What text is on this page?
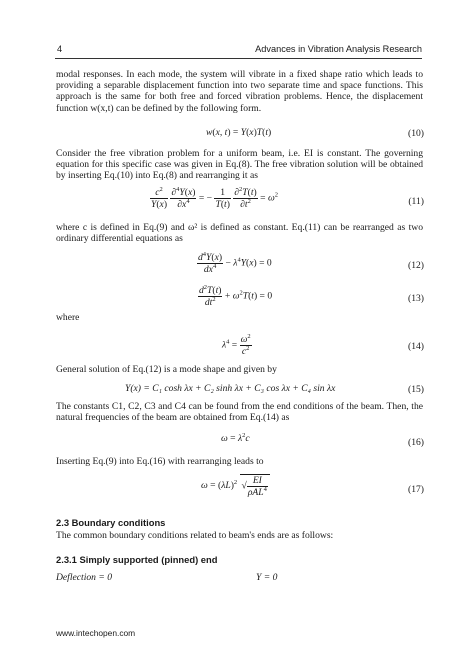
4	Advances in Vibration Analysis Research
modal responses. In each mode, the system will vibrate in a fixed shape ratio which leads to providing a separable displacement function into two separate time and space functions. This approach is the same for both free and forced vibration problems. Hence, the displacement function w(x,t) can be defined by the following form.
w(x, t) = Y(x)T(t)	(10)
Consider the free vibration problem for a uniform beam, i.e. EI is constant. The governing equation for this specific case was given in Eq.(8). The free vibration solution will be obtained by inserting Eq.(10) into Eq.(8) and rearranging it as
$\frac{c^2}{Y(x)}$
$\frac{\partial^4Y(x)}{\partial x^4}$ = − $\frac{1}{T(t)}$
$\frac{\partial^2T(t)}{\partial t^2} = \omega^2$
(11)
where c is defined in Eq.(9) and ω² is defined as constant. Eq.(11) can be rearranged as two ordinary differential equations as
$\frac{d^4Y(x)}{dx^4} - \lambda^4Y(x) = 0$	(12)
$\frac{d^2T(t)}{dt^2} + \omega^2T(t) = 0$	(13)
where
$\lambda^4 = \frac{\omega^2}{c^2}$	(14)
General solution of Eq.(12) is a mode shape and given by
Y(x) = C₁ cosh λx + C₂ sinh λx + C₃ cos λx + C₄ sin λx	(15)
The constants C1, C2, C3 and C4 can be found from the end conditions of the beam. Then, the natural frequencies of the beam are obtained from Eq.(14) as
$\omega = \lambda^2c$	(16)
Inserting Eq.(9) into Eq.(16) with rearranging leads to
$\omega = (\lambda L)^2$ √ $\frac{EI}{\rho AL^4}$	(17)
2.3 Boundary conditions
The common boundary conditions related to beam's ends are as follows:
2.3.1 Simply supported (pinned) end
Deflection = 0	Y = 0
www.intechopen.com
